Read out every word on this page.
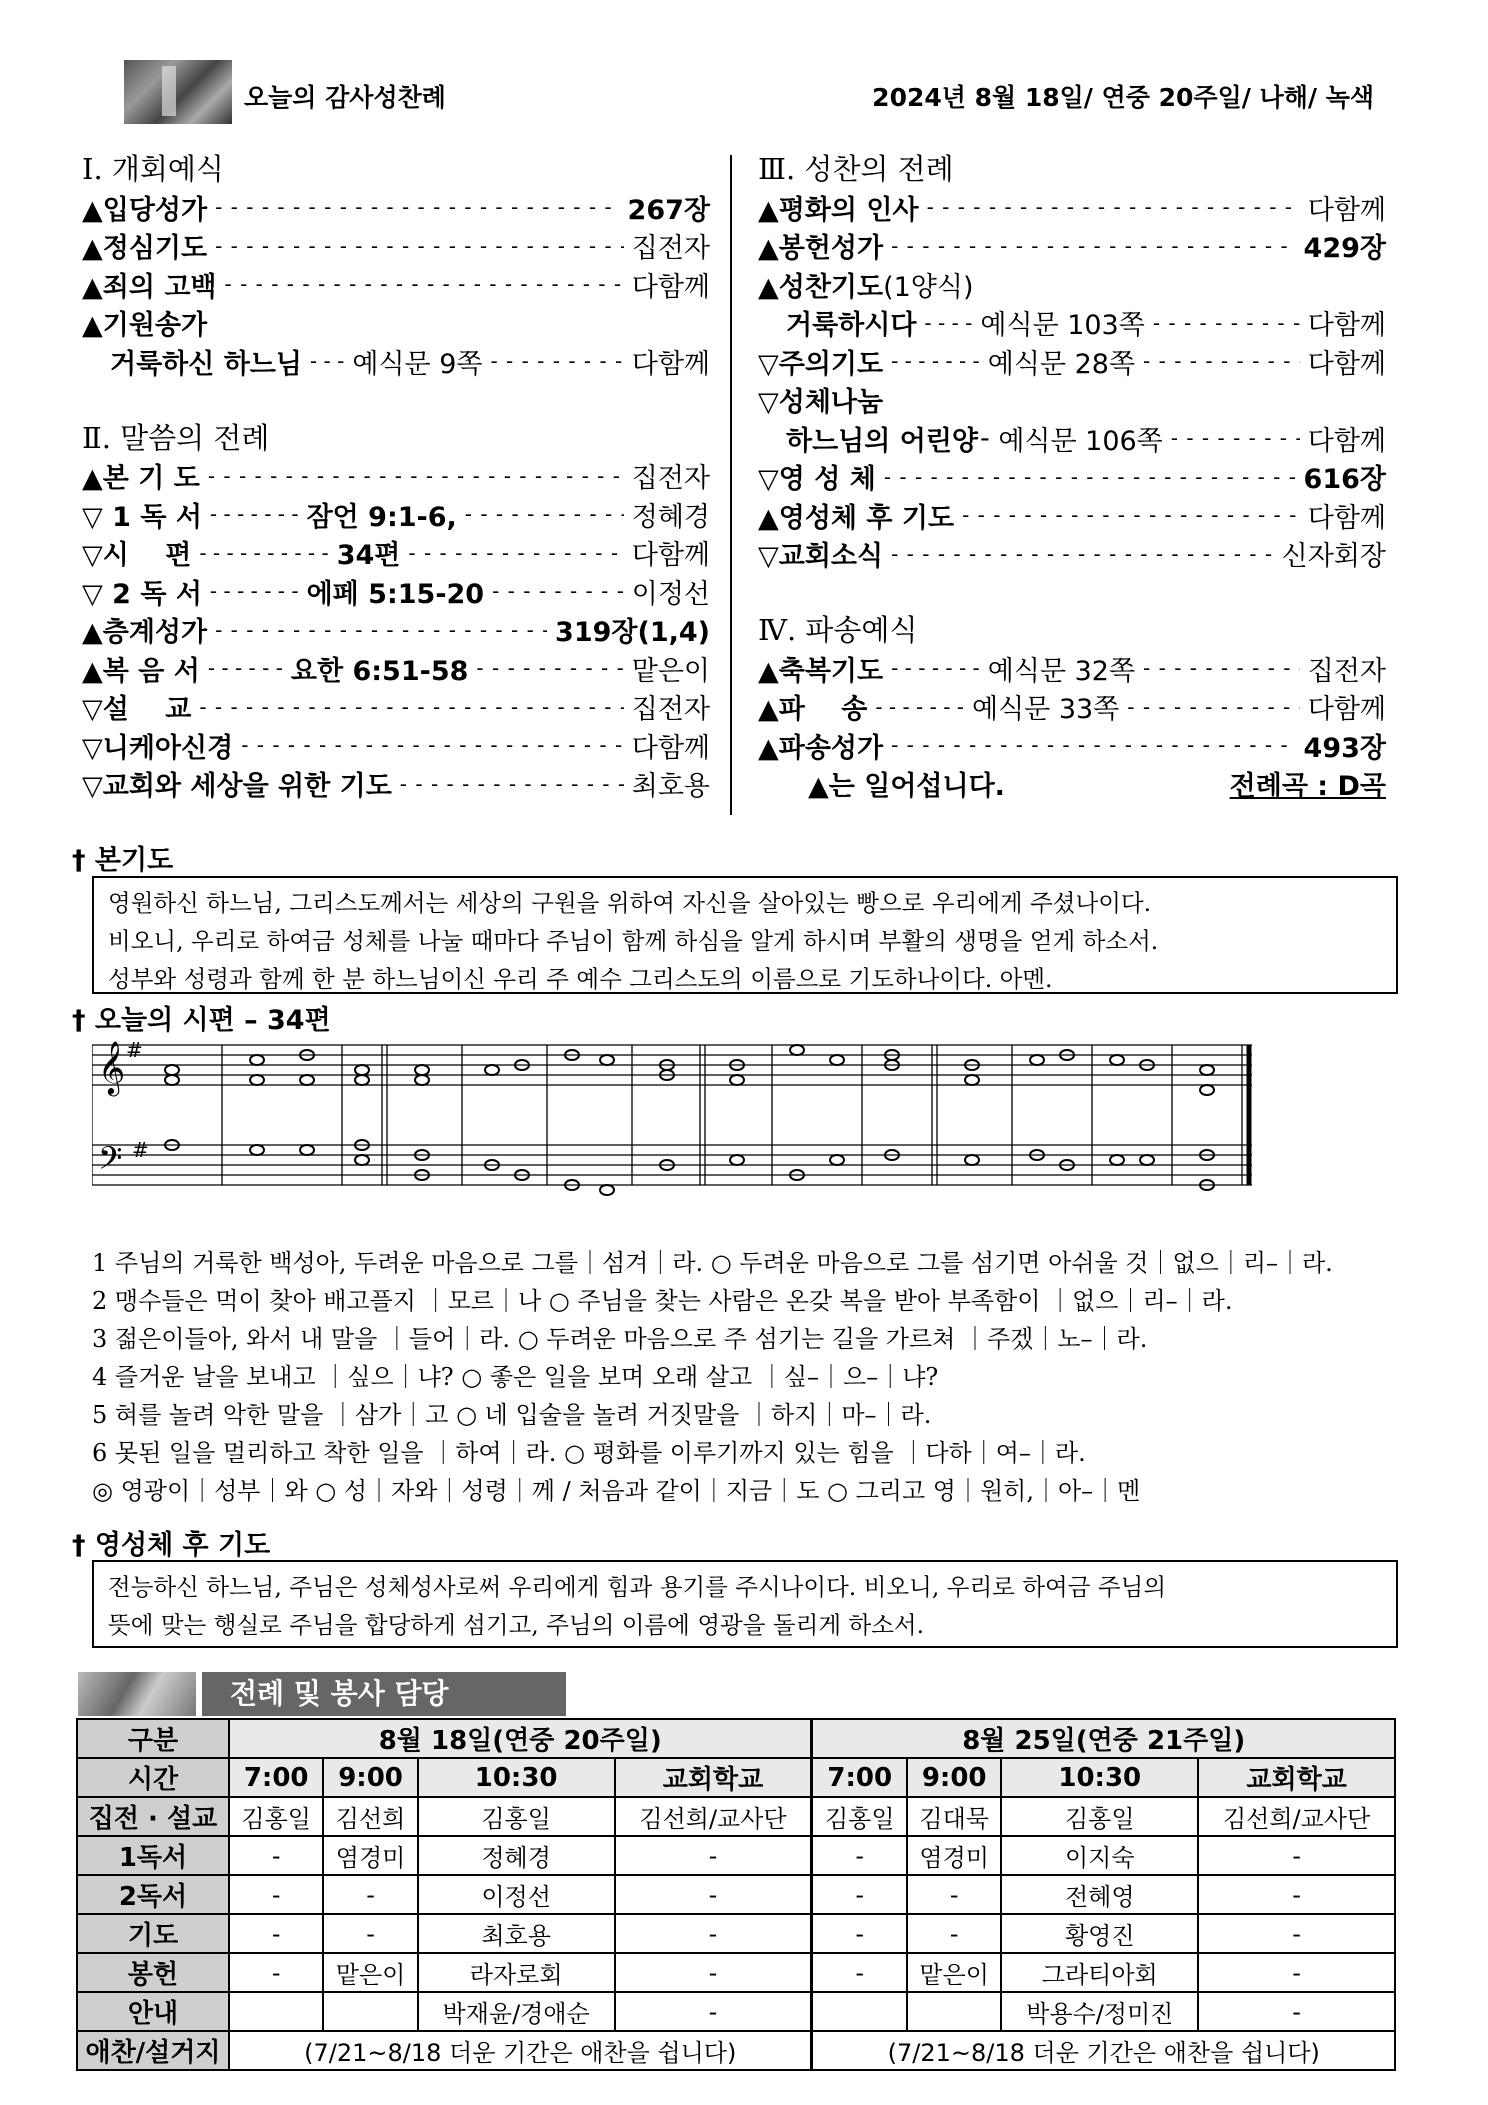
오늘의 감사성찬례	2024년 8월 18일/ 연중 20주일/ 나해/ 녹색
Ⅰ. 개회예식
▲입당성가 - - -	267장
▲정심기도 - - -	집전자
▲죄의 고백 - - -	다함께
▲기원송가
거룩하신 하느님 - - - 예식문 9쪽 - - -	다함께
Ⅱ. 말씀의 전례
▲본 기 도 - - -	집전자
▽ 1 독 서 - - - - - - - 잠언 9:1-6, - - -	정혜경
▽시　 편 - - - - - - - - - - 34편 - - -	다함께
▽ 2 독 서 - - - - - - - 에페 5:15-20 - - -	이정선
▲층계성가 - - -	319장(1,4)
▲복 음 서 - - - - - - 요한 6:51-58 - - -	맡은이
▽설　 교 - - -	집전자
▽니케아신경 - - -	다함께
▽교회와 세상을 위한 기도 - - -	최호용
Ⅲ. 성찬의 전례
▲평화의 인사 - - -	다함께
▲봉헌성가 - - -	429장
▲성찬기도 (1양식)
거룩하시다 - - - - 예식문 103쪽 - - -	다함께
▽주의기도 - - - - - - - 예식문 28쪽 - - -	다함께
▽성체나눔
하느님의 어린양 - 예식문 106쪽 - - -	다함께
▽영 성 체 - - -	616장
▲영성체 후 기도 - - -	다함께
▽교회소식 - - -	신자회장
Ⅳ. 파송예식
▲축복기도 - - - - - - - 예식문 32쪽 - - -	집전자
▲파　 송 - - - - - - - 예식문 33쪽 - - -	다함께
▲파송성가 - - -	493장
▲는 일어섭니다.	전례곡 : D곡
† 본기도
영원하신 하느님, 그리스도께서는 세상의 구원을 위하여 자신을 살아있는 빵으로 우리에게 주셨나이다.
비오니, 우리로 하여금 성체를 나눌 때마다 주님이 함께 하심을 알게 하시며 부활의 생명을 얻게 하소서.
성부와 성령과 함께 한 분 하느님이신 우리 주 예수 그리스도의 이름으로 기도하나이다. 아멘.
† 오늘의 시편 – 34편
𝄞 #
𝄢 #
1 주님의 거룩한 백성아, 두려운 마음으로 그를｜섬겨｜라. ○ 두려운 마음으로 그를 섬기면 아쉬울 것｜없으｜리–｜라.
2 맹수들은 먹이 찾아 배고플지 ｜모르｜나 ○ 주님을 찾는 사람은 온갖 복을 받아 부족함이 ｜없으｜리–｜라.
3 젊은이들아, 와서 내 말을 ｜들어｜라. ○ 두려운 마음으로 주 섬기는 길을 가르쳐 ｜주겠｜노–｜라.
4 즐거운 날을 보내고 ｜싶으｜냐? ○ 좋은 일을 보며 오래 살고 ｜싶–｜으–｜냐?
5 혀를 놀려 악한 말을 ｜삼가｜고 ○ 네 입술을 놀려 거짓말을 ｜하지｜마–｜라.
6 못된 일을 멀리하고 착한 일을 ｜하여｜라. ○ 평화를 이루기까지 있는 힘을 ｜다하｜여–｜라.
◎ 영광이｜성부｜와 ○ 성｜자와｜성령｜께 / 처음과 같이｜지금｜도 ○ 그리고 영｜원히,｜아–｜멘
† 영성체 후 기도
전능하신 하느님, 주님은 성체성사로써 우리에게 힘과 용기를 주시나이다. 비오니, 우리로 하여금 주님의
뜻에 맞는 행실로 주님을 합당하게 섬기고, 주님의 이름에 영광을 돌리게 하소서.
전례 및 봉사 담당
구분	8월 18일(연중 20주일)				8월 25일(연중 21주일)			
시간	7:00	9:00	10:30	교회학교	7:00	9:00	10:30	교회학교
집전 · 설교	김홍일	김선희	김홍일	김선희/교사단	김홍일	김대묵	김홍일	김선희/교사단
1독서	-	염경미	정혜경	-	-	염경미	이지숙	-
2독서	-	-	이정선	-	-	-	전혜영	-
기도	-	-	최호용	-	-	-	황영진	-
봉헌	-	맡은이	라자로회	-	-	맡은이	그라티아회	-
안내			박재윤/경애순	-			박용수/정미진	-
애찬/설거지	(7/21~8/18 더운 기간은 애찬을 쉽니다)				(7/21~8/18 더운 기간은 애찬을 쉽니다)			
